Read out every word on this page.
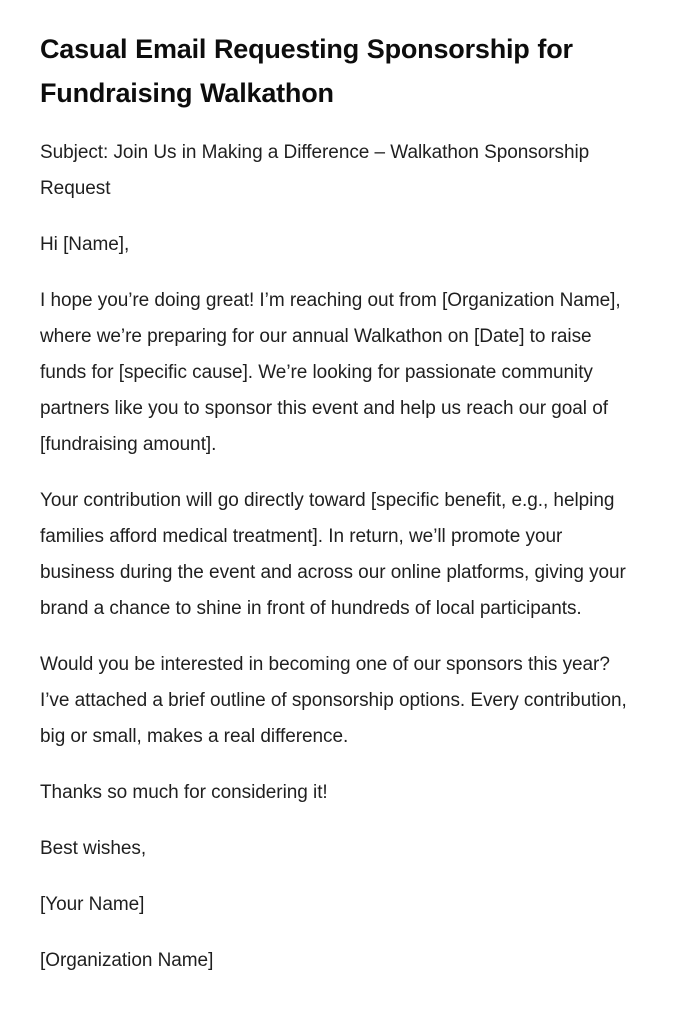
Casual Email Requesting Sponsorship for Fundraising Walkathon

Subject: Join Us in Making a Difference – Walkathon Sponsorship Request

Hi [Name],

I hope you’re doing great! I’m reaching out from [Organization Name], where we’re preparing for our annual Walkathon on [Date] to raise funds for [specific cause]. We’re looking for passionate community partners like you to sponsor this event and help us reach our goal of [fundraising amount].

Your contribution will go directly toward [specific benefit, e.g., helping families afford medical treatment]. In return, we’ll promote your business during the event and across our online platforms, giving your brand a chance to shine in front of hundreds of local participants.

Would you be interested in becoming one of our sponsors this year? I’ve attached a brief outline of sponsorship options. Every contribution, big or small, makes a real difference.

Thanks so much for considering it!

Best wishes,

[Your Name]

[Organization Name]
